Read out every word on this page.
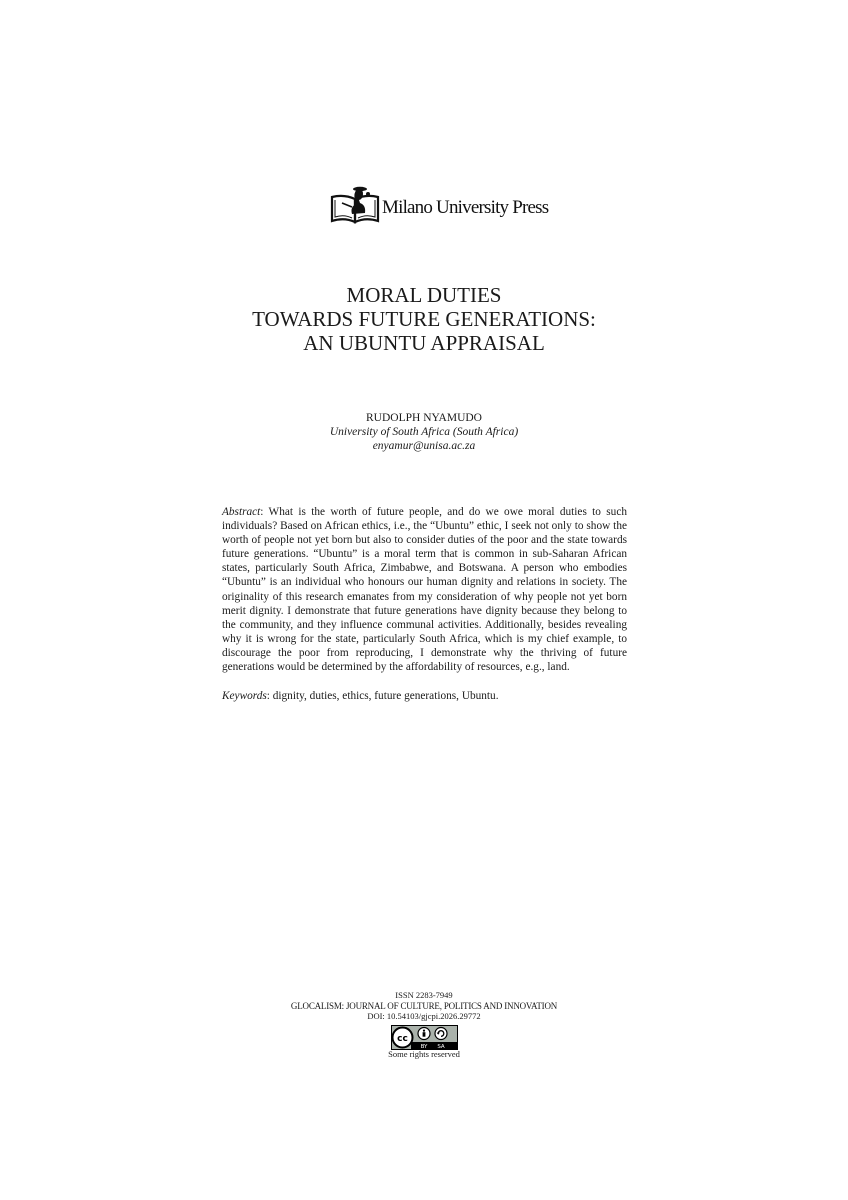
Milano University Press
MORAL DUTIES
TOWARDS FUTURE GENERATIONS:
AN UBUNTU APPRAISAL
RUDOLPH NYAMUDO
University of South Africa (South Africa)
enyamur@unisa.ac.za
Abstract: What is the worth of future people, and do we owe moral duties to such individuals? Based on African ethics, i.e., the “Ubuntu” ethic, I seek not only to show the worth of people not yet born but also to consider duties of the poor and the state towards future generations. “Ubuntu” is a moral term that is common in sub-Saharan African states, particularly South Africa, Zimbabwe, and Botswana. A person who embodies “Ubuntu” is an individual who honours our human dignity and relations in society. The originality of this research emanates from my consideration of why people not yet born merit dignity. I demonstrate that future generations have dignity because they belong to the community, and they influence communal activities. Additionally, besides revealing why it is wrong for the state, particularly South Africa, which is my chief example, to discourage the poor from reproducing, I demonstrate why the thriving of future generations would be determined by the affordability of resources, e.g., land.
Keywords: dignity, duties, ethics, future generations, Ubuntu.
ISSN 2283-7949
GLOCALISM: JOURNAL OF CULTURE, POLITICS AND INNOVATION
DOI: 10.54103/gjcpi.2026.29772
cc
BY SA
Some rights reserved
